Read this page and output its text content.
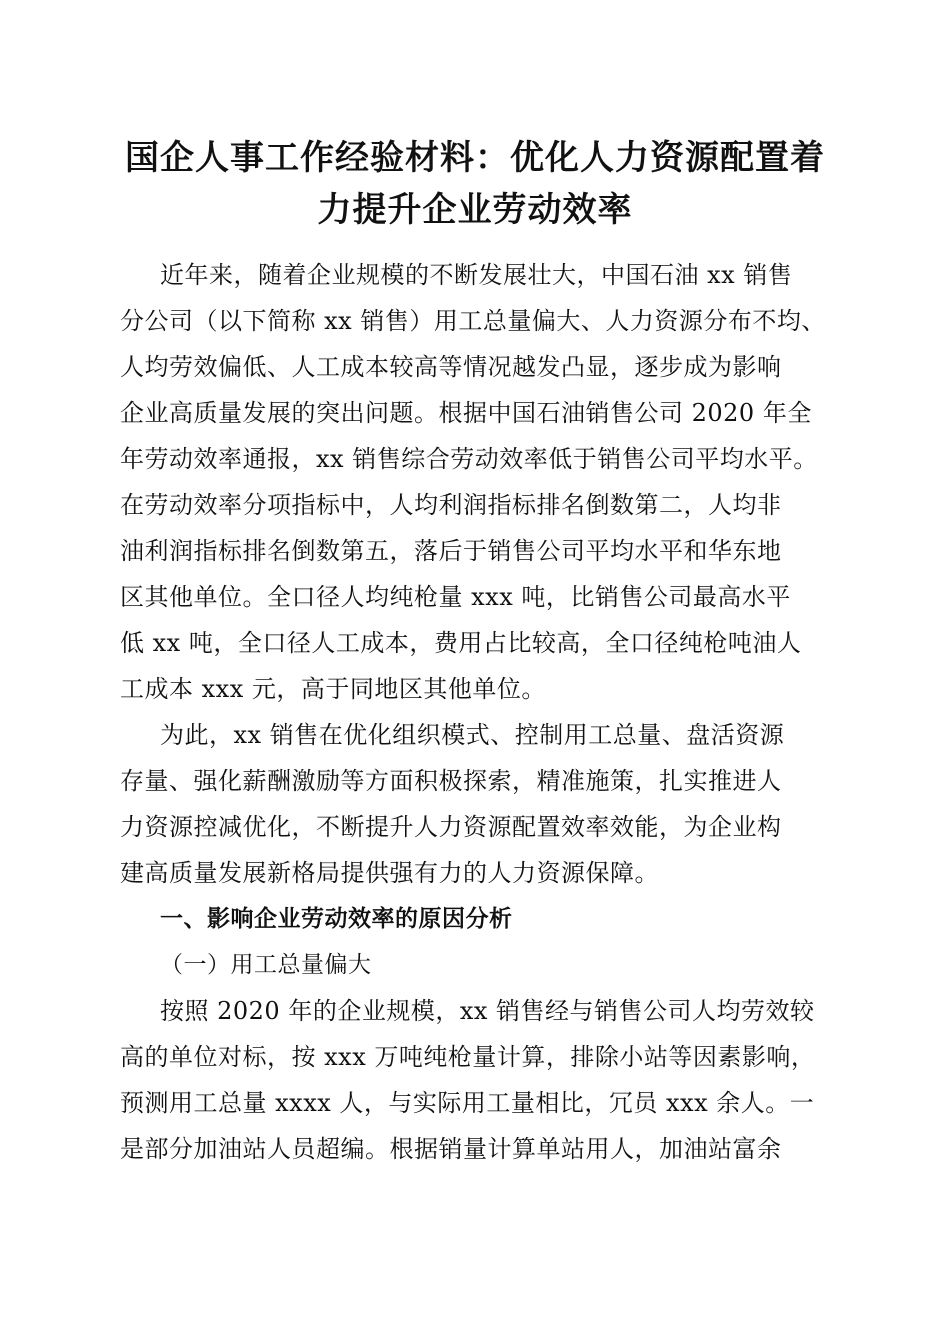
国企人事工作经验材料：优化人力资源配置着
力提升企业劳动效率
近年来，随着企业规模的不断发展壮大，中国石油 xx 销售
分公司（以下简称 xx 销售）用工总量偏大、人力资源分布不均、
人均劳效偏低、人工成本较高等情况越发凸显，逐步成为影响
企业高质量发展的突出问题。根据中国石油销售公司 2020 年全
年劳动效率通报，xx 销售综合劳动效率低于销售公司平均水平。
在劳动效率分项指标中，人均利润指标排名倒数第二，人均非
油利润指标排名倒数第五，落后于销售公司平均水平和华东地
区其他单位。全口径人均纯枪量 xxx 吨，比销售公司最高水平
低 xx 吨，全口径人工成本，费用占比较高，全口径纯枪吨油人
工成本 xxx 元，高于同地区其他单位。
为此，xx 销售在优化组织模式、控制用工总量、盘活资源
存量、强化薪酬激励等方面积极探索，精准施策，扎实推进人
力资源控减优化，不断提升人力资源配置效率效能，为企业构
建高质量发展新格局提供强有力的人力资源保障。
一、影响企业劳动效率的原因分析
（一）用工总量偏大
按照 2020 年的企业规模，xx 销售经与销售公司人均劳效较
高的单位对标，按 xxx 万吨纯枪量计算，排除小站等因素影响，
预测用工总量 xxxx 人，与实际用工量相比，冗员 xxx 余人。一
是部分加油站人员超编。根据销量计算单站用人，加油站富余
